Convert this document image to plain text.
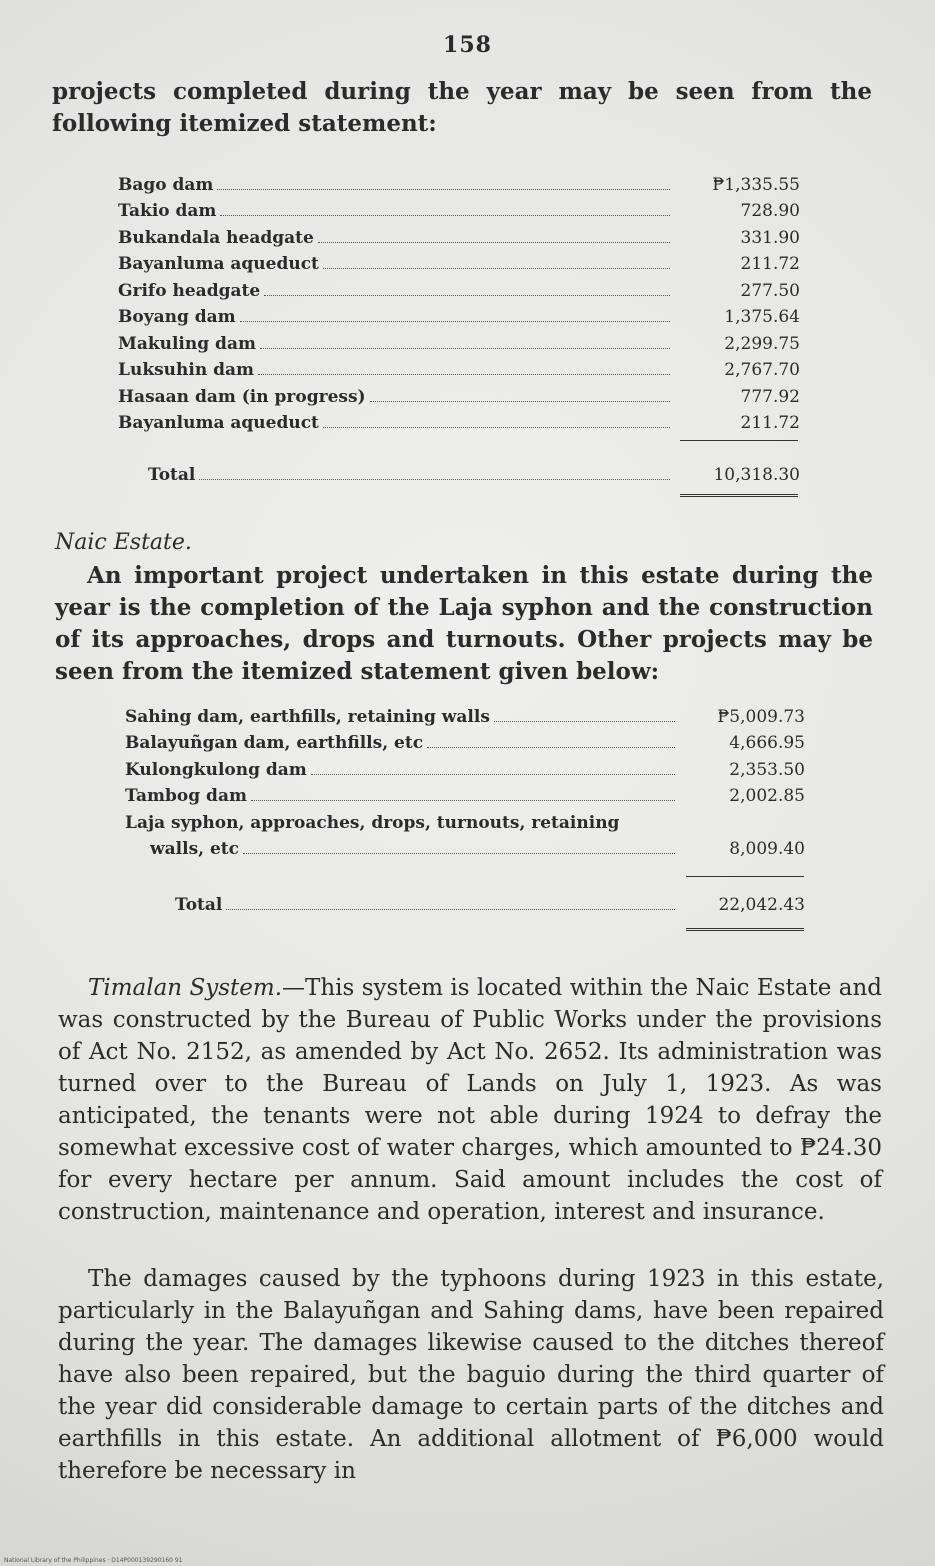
158

projects completed during the year may be seen from the following itemized statement:

Bago dam	₱1,335.55
Takio dam	728.90
Bukandala headgate	331.90
Bayanluma aqueduct	211.72
Grifo headgate	277.50
Boyang dam	1,375.64
Makuling dam	2,299.75
Luksuhin dam	2,767.70
Hasaan dam (in progress)	777.92
Bayanluma aqueduct	211.72
Total	10,318.30

Naic Estate.

An important project undertaken in this estate during the year is the completion of the Laja syphon and the construction of its approaches, drops and turnouts. Other projects may be seen from the itemized statement given below:

Sahing dam, earthfills, retaining walls	₱5,009.73
Balayuñgan dam, earthfills, etc	4,666.95
Kulongkulong dam	2,353.50
Tambog dam	2,002.85
Laja syphon, approaches, drops, turnouts, retaining
walls, etc	8,009.40
Total	22,042.43

Timalan System.—This system is located within the Naic Estate and was constructed by the Bureau of Public Works under the provisions of Act No. 2152, as amended by Act No. 2652. Its administration was turned over to the Bureau of Lands on July 1, 1923. As was anticipated, the tenants were not able during 1924 to defray the somewhat excessive cost of water charges, which amounted to ₱24.30 for every hectare per annum. Said amount includes the cost of construction, maintenance and operation, interest and insurance.

The damages caused by the typhoons during 1923 in this estate, particularly in the Balayuñgan and Sahing dams, have been repaired during the year. The damages likewise caused to the ditches thereof have also been repaired, but the baguio during the third quarter of the year did considerable damage to certain parts of the ditches and earthfills in this estate. An additional allotment of ₱6,000 would therefore be necessary in

National Library of the Philippines · D14P000139290160 91
